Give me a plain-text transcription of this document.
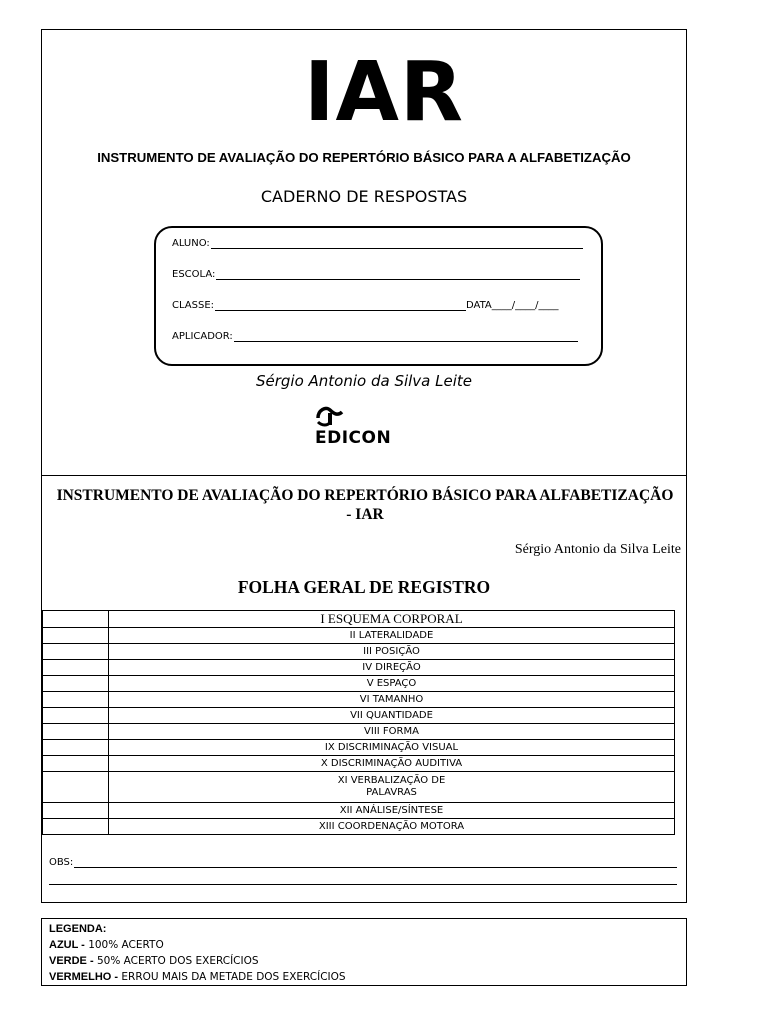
IAR
INSTRUMENTO DE AVALIAÇÃO DO REPERTÓRIO BÁSICO PARA A ALFABETIZAÇÃO
CADERNO DE RESPOSTAS
ALUNO:
ESCOLA:
CLASSE:	DATA____/____/____
APLICADOR:
Sérgio Antonio da Silva Leite
EDICON
INSTRUMENTO DE AVALIAÇÃO DO REPERTÓRIO BÁSICO PARA ALFABETIZAÇÃO - IAR
Sérgio Antonio da Silva Leite
FOLHA GERAL DE REGISTRO
	I ESQUEMA CORPORAL
	II LATERALIDADE
	III POSIÇÃO
	IV DIREÇÃO
	V ESPAÇO
	VI TAMANHO
	VII QUANTIDADE
	VIII FORMA
	IX DISCRIMINAÇÃO VISUAL
	X DISCRIMINAÇÃO AUDITIVA
	XI VERBALIZAÇÃO DE PALAVRAS
	XII ANÁLISE/SÍNTESE
	XIII COORDENAÇÃO MOTORA
OBS:
LEGENDA:
AZUL - 100% ACERTO
VERDE - 50% ACERTO DOS EXERCÍCIOS
VERMELHO - ERROU MAIS DA METADE DOS EXERCÍCIOS
